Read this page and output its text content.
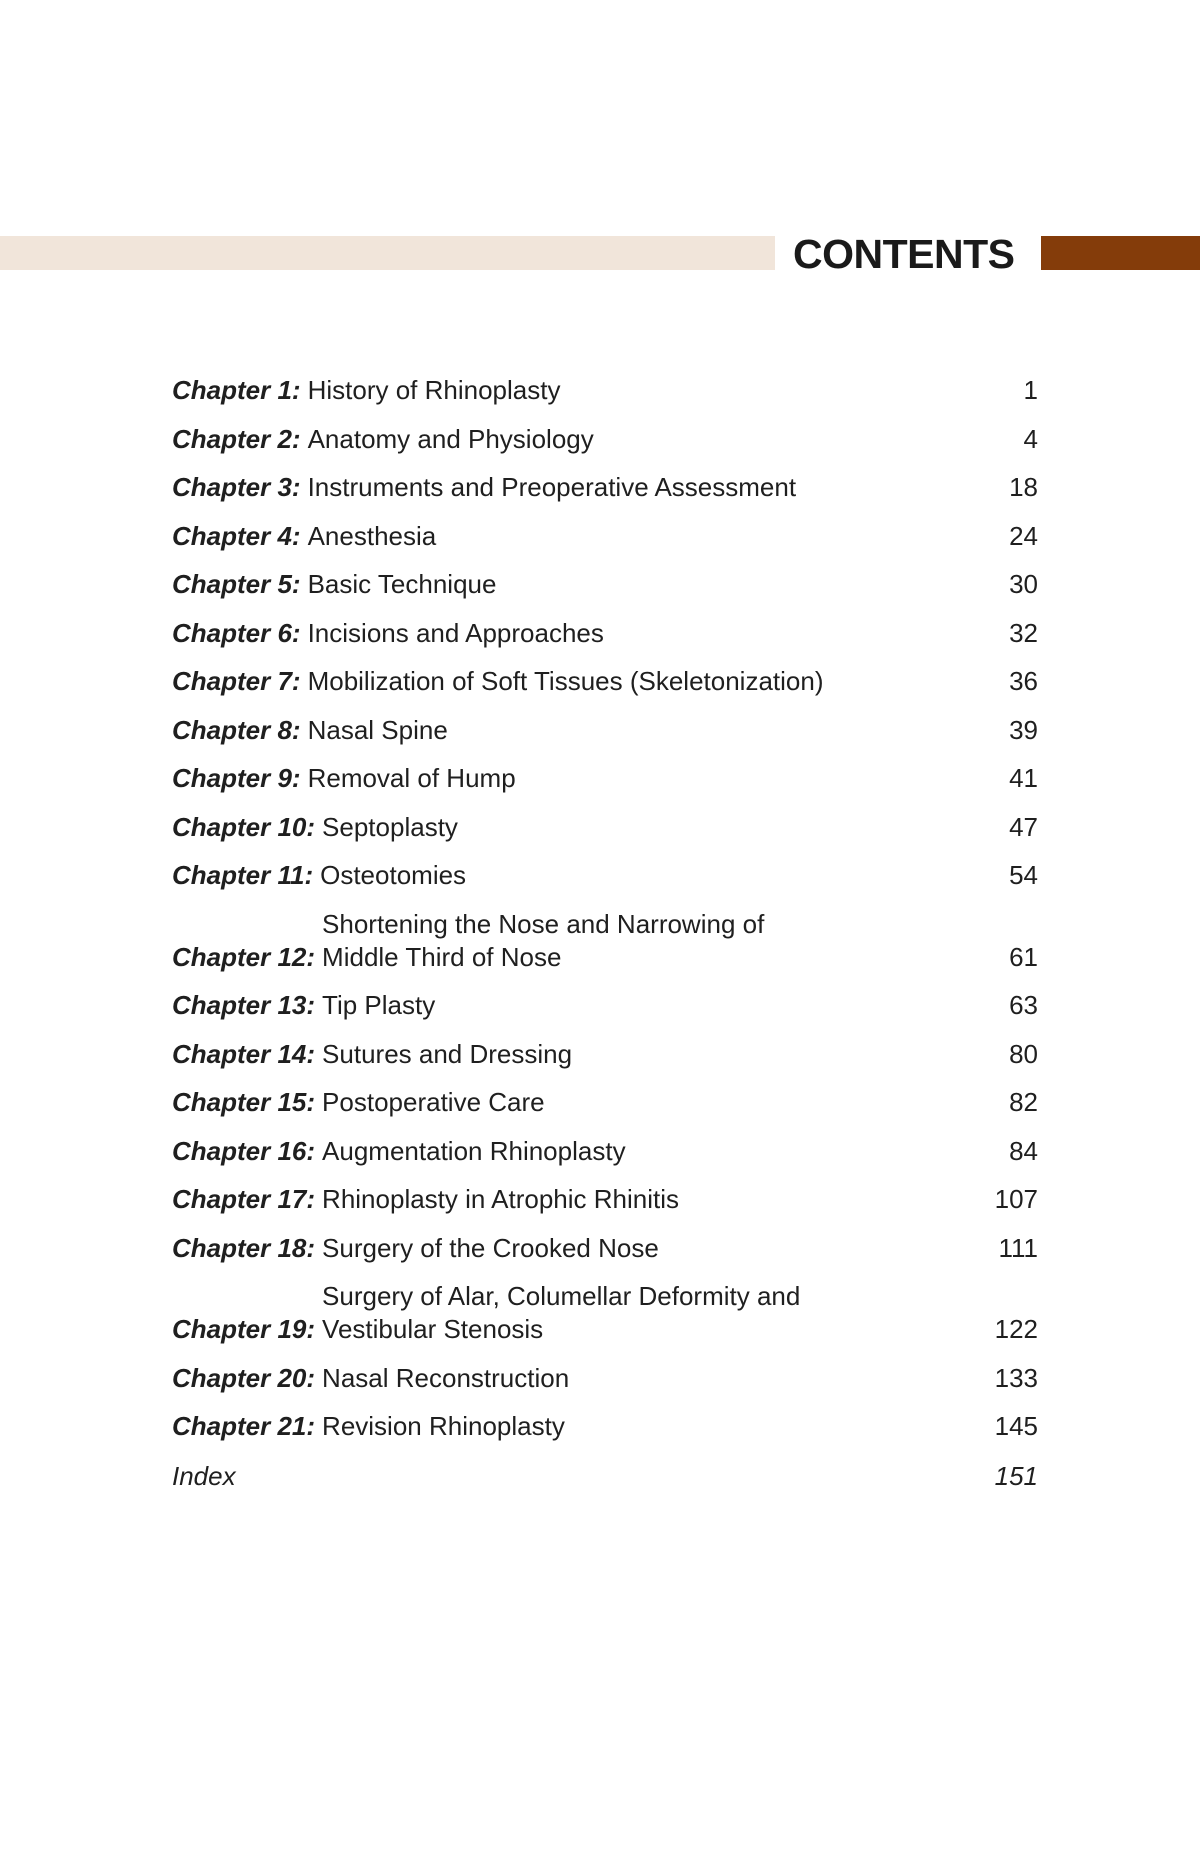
CONTENTS
Chapter 1: History of Rhinoplasty	1
Chapter 2: Anatomy and Physiology	4
Chapter 3: Instruments and Preoperative Assessment	18
Chapter 4: Anesthesia	24
Chapter 5: Basic Technique	30
Chapter 6: Incisions and Approaches	32
Chapter 7: Mobilization of Soft Tissues (Skeletonization)	36
Chapter 8: Nasal Spine	39
Chapter 9: Removal of Hump	41
Chapter 10: Septoplasty	47
Chapter 11: Osteotomies	54
Chapter 12:
Shortening the Nose and Narrowing of
Middle Third of Nose	61
Chapter 13: Tip Plasty	63
Chapter 14: Sutures and Dressing	80
Chapter 15: Postoperative Care	82
Chapter 16: Augmentation Rhinoplasty	84
Chapter 17: Rhinoplasty in Atrophic Rhinitis	107
Chapter 18: Surgery of the Crooked Nose	111
Chapter 19:
Surgery of Alar, Columellar Deformity and
Vestibular Stenosis	122
Chapter 20: Nasal Reconstruction	133
Chapter 21: Revision Rhinoplasty	145
Index	151
